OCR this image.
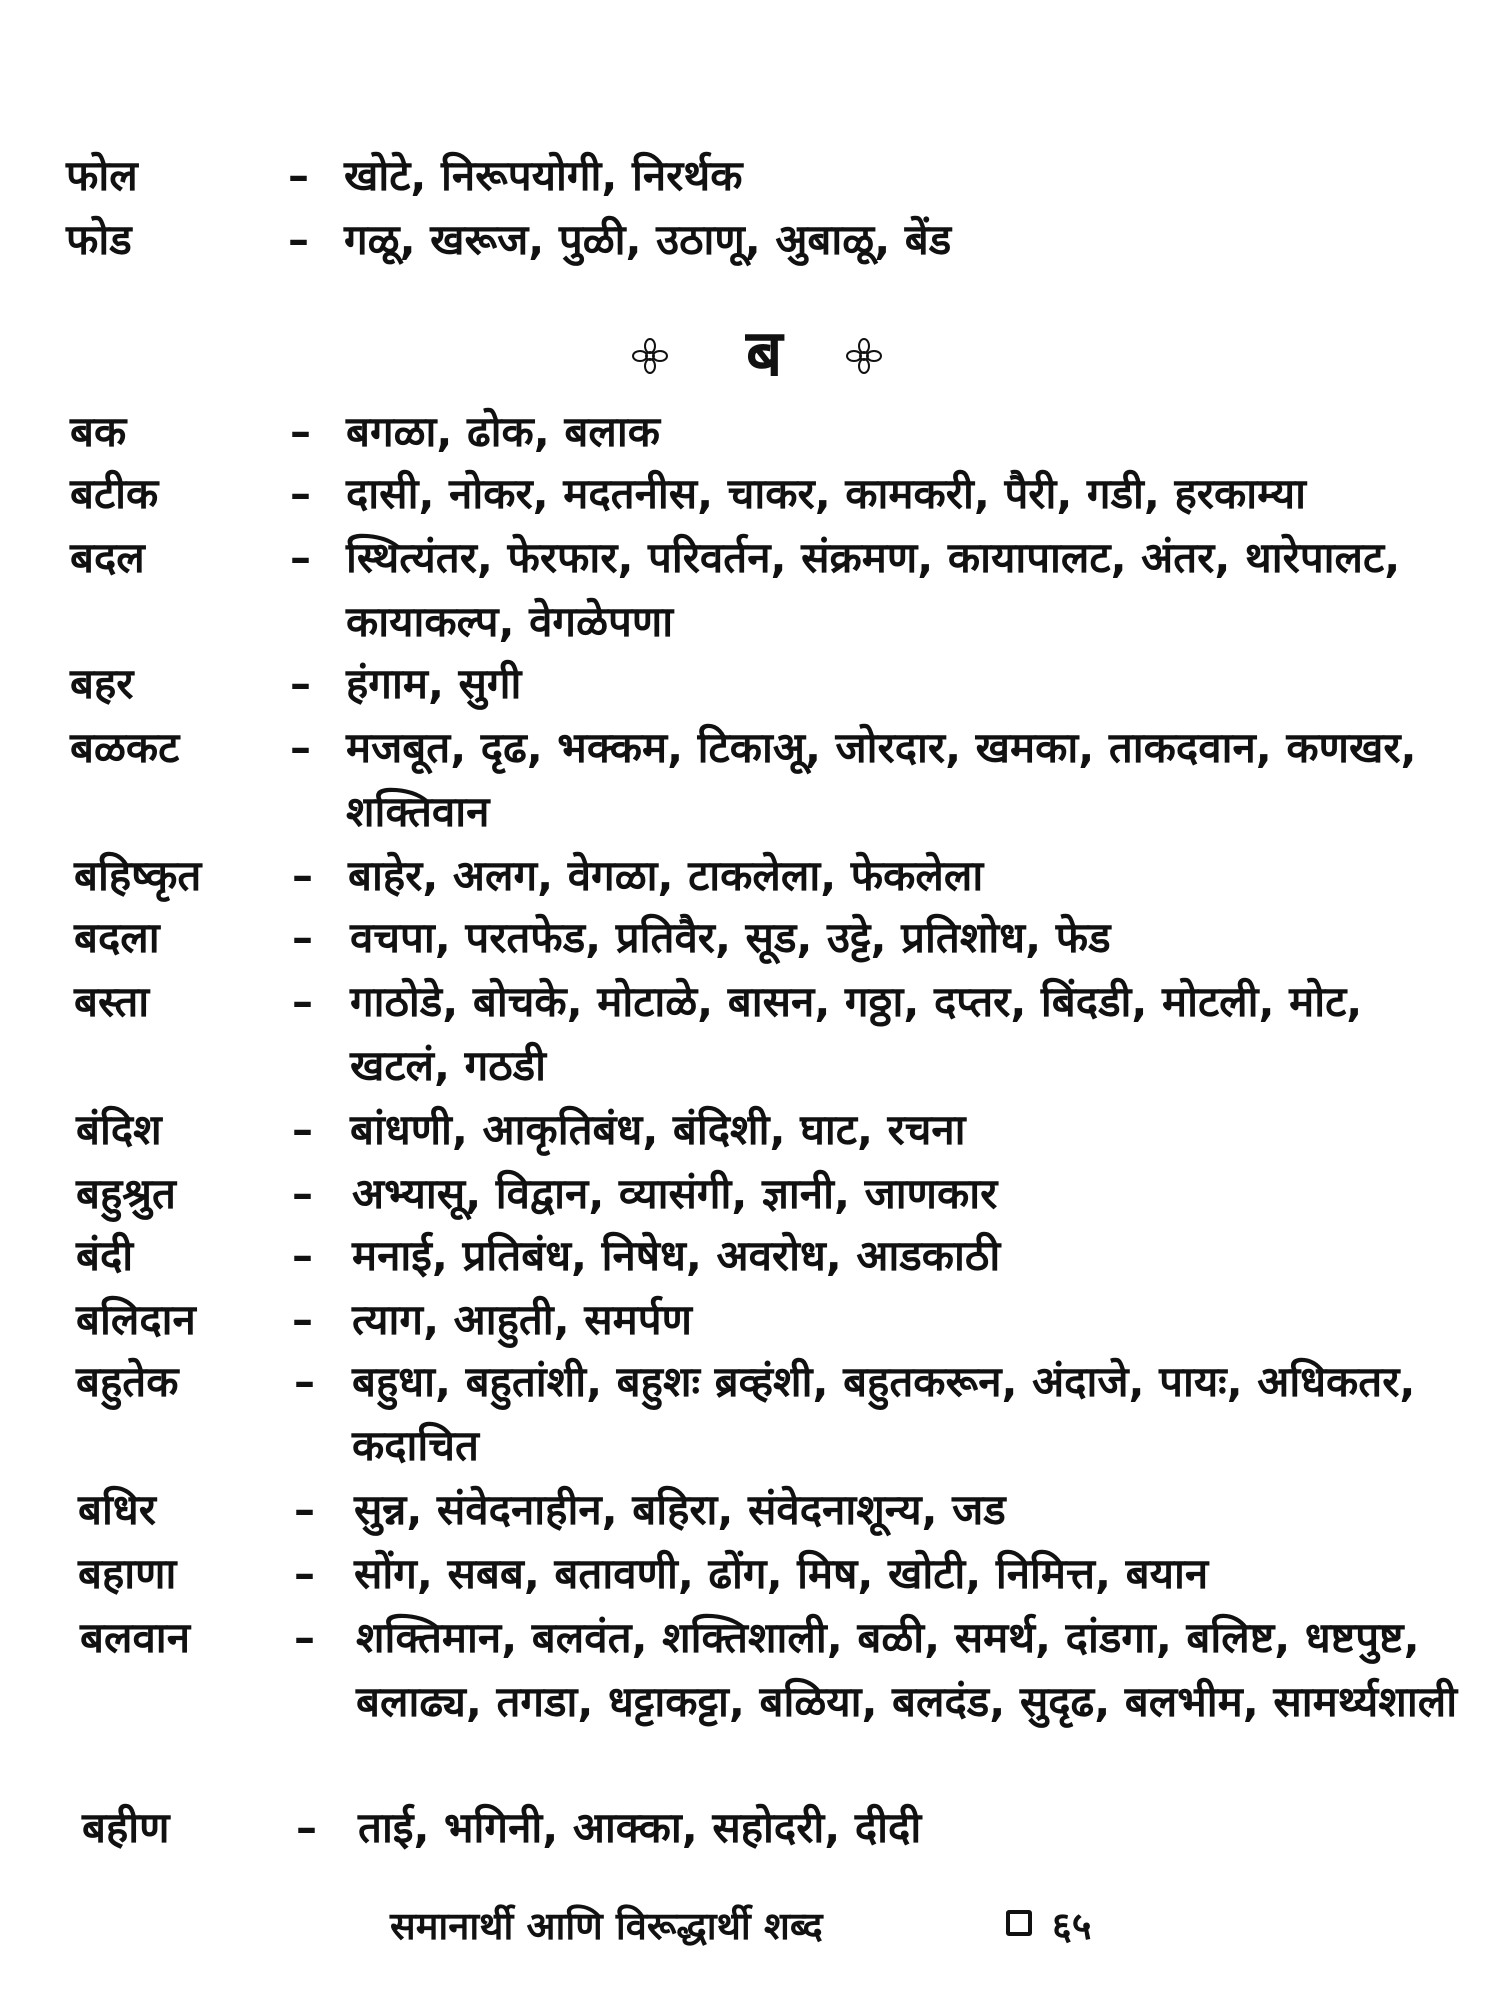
फोल	– खोटे, निरूपयोगी, निरर्थक
फोड	– गळू, खरूज, पुळी, उठाणू, अुबाळू, बेंड
ब
बक	– बगळा, ढोक, बलाक
बटीक	– दासी, नोकर, मदतनीस, चाकर, कामकरी, पैरी, गडी, हरकाम्या
बदल	– स्थित्यंतर, फेरफार, परिवर्तन, संक्रमण, कायापालट, अंतर, थारेपालट, कायाकल्प, वेगळेपणा
बहर	– हंगाम, सुगी
बळकट	– मजबूत, दृढ, भक्कम, टिकाअू, जोरदार, खमका, ताकदवान, कणखर, शक्तिवान
बहिष्कृत – बाहेर, अलग, वेगळा, टाकलेला, फेकलेला
बदला	– वचपा, परतफेड, प्रतिवैर, सूड, उट्टे, प्रतिशोध, फेड
बस्ता	– गाठोडे, बोचके, मोटाळे, बासन, गठ्ठा, दप्तर, बिंदडी, मोटली, मोट, खटलं, गठडी
बंदिश	– बांधणी, आकृतिबंध, बंदिशी, घाट, रचना
बहुश्रुत	– अभ्यासू, विद्वान, व्यासंगी, ज्ञानी, जाणकार
बंदी	– मनाई, प्रतिबंध, निषेध, अवरोध, आडकाठी
बलिदान – त्याग, आहुती, समर्पण
बहुतेक	– बहुधा, बहुतांशी, बहुशः ब्रव्हंशी, बहुतकरून, अंदाजे, पायः, अधिकतर, कदाचित
बधिर	– सुन्न, संवेदनाहीन, बहिरा, संवेदनाशून्य, जड
बहाणा	– सोंग, सबब, बतावणी, ढोंग, मिष, खोटी, निमित्त, बयान
बलवान – शक्तिमान, बलवंत, शक्तिशाली, बळी, समर्थ, दांडगा, बलिष्ट, धष्टपुष्ट, बलाढ्य, तगडा, धट्टाकट्टा, बळिया, बलदंड, सुदृढ, बलभीम, सामर्थ्यशाली
बहीण	– ताई, भगिनी, आक्का, सहोदरी, दीदी
समानार्थी आणि विरूद्धार्थी शब्द	६५
